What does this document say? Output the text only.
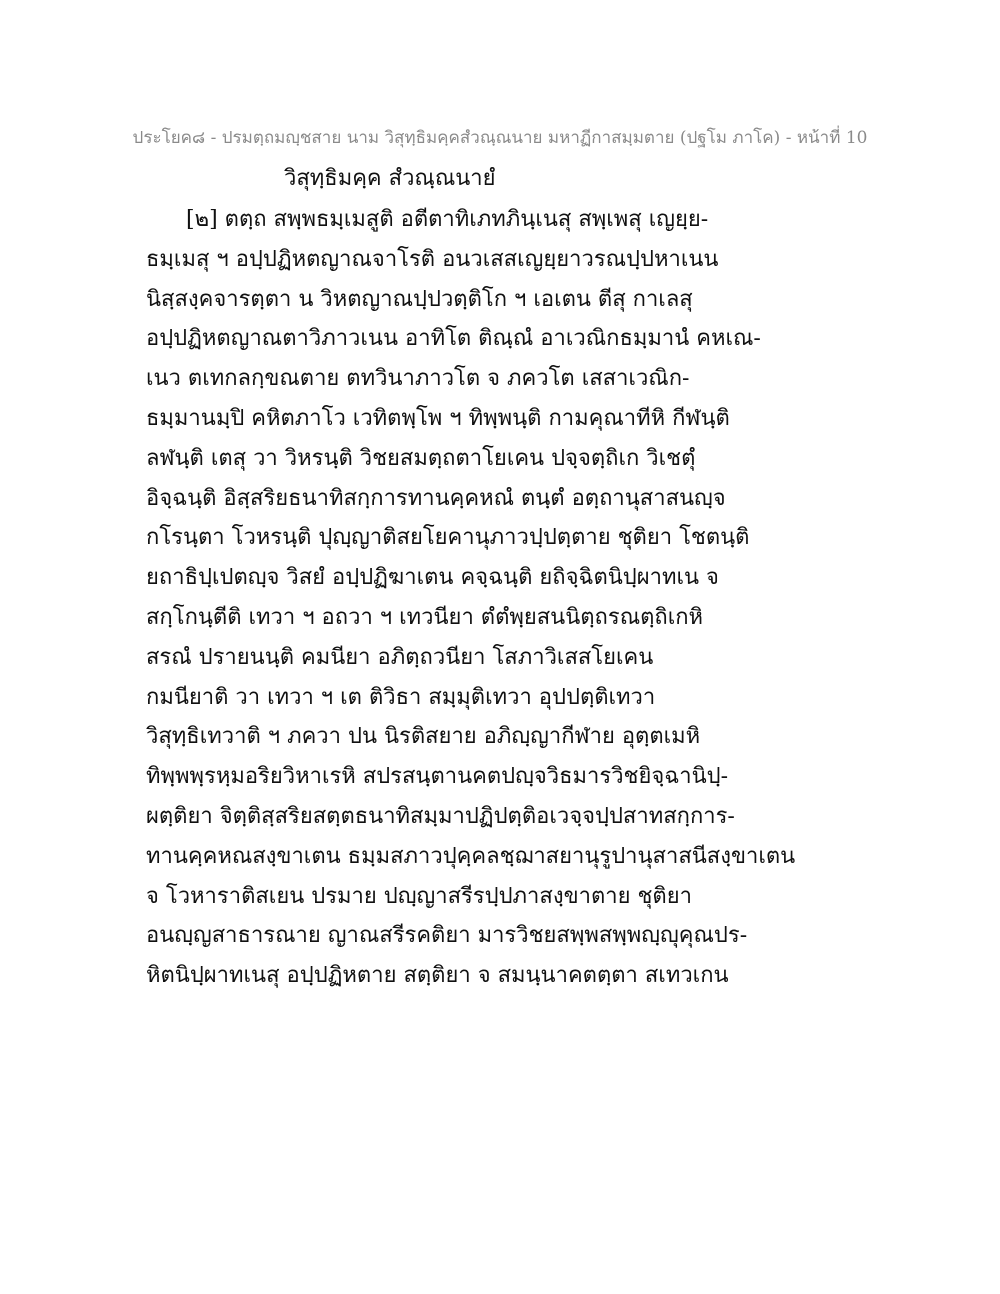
ประโยค๘ - ปรมตฺถมญฺชสาย นาม วิสุทฺธิมคฺคสํวณฺณนาย มหาฏีกาสมฺมตาย (ปฐโม ภาโค) - หน้าที่ 10
วิสุทฺธิมคฺค สํวณฺณนายํ
[๒] ตตฺถ สพฺพธมฺเมสูติ อตีตาทิเภทภินฺเนสุ สพฺเพสุ เญยฺย-
ธมฺเมสุ ฯ อปฺปฏิหตญาณจาโรติ อนวเสสเญยฺยาวรณปฺปหาเนน
นิสฺสงฺคจารตฺตา น วิหตญาณปฺปวตฺติโก ฯ เอเตน ตีสุ กาเลสุ
อปฺปฏิหตญาณตาวิภาวเนน อาทิโต ติณฺณํ อาเวณิกธมฺมานํ คหเณ-
เนว ตเทกลกฺขณตาย ตทวินาภาวโต จ ภควโต เสสาเวณิก-
ธมฺมานมฺปิ คหิตภาโว เวทิตพฺโพ ฯ ทิพฺพนฺติ กามคุณาทีหิ กีฬนฺติ
ลฬนฺติ เตสุ วา วิหรนฺติ วิชยสมตฺถตาโยเคน ปจฺจตฺถิเก วิเชตุํ
อิจฺฉนฺติ อิสฺสริยธนาทิสกฺการทานคฺคหณํ ตนฺตํ อตฺถานุสาสนญฺจ
กโรนฺตา โวหรนฺติ ปุญฺญาติสยโยคานุภาวปฺปตฺตาย ชุติยา โชตนฺติ
ยถาธิปฺเปตญฺจ วิสยํ อปฺปฏิฆาเตน คจฺฉนฺติ ยถิจฺฉิตนิปฺผาทเน จ
สกฺโกนฺตีติ เทวา ฯ อถวา ฯ เทวนียา ตํตํพฺยสนนิตฺถรณตฺถิเกหิ
สรณํ ปรายนนฺติ คมนียา อภิตฺถวนียา โสภาวิเสสโยเคน
กมนียาติ วา เทวา ฯ เต ติวิธา สมฺมุติเทวา อุปปตฺติเทวา
วิสุทฺธิเทวาติ ฯ ภควา ปน นิรติสยาย อภิญฺญากีฬาย อุตฺตเมหิ
ทิพฺพพฺรหฺมอริยวิหาเรหิ สปรสนฺตานคตปญฺจวิธมารวิชยิจฺฉานิปฺ-
ผตฺติยา จิตฺติสฺสริยสตฺตธนาทิสมฺมาปฏิปตฺติอเวจฺจปฺปสาทสกฺการ-
ทานคฺคหณสงฺขาเตน ธมฺมสภาวปุคฺคลชฺฌาสยานุรูปานุสาสนีสงฺขาเตน
จ โวหาราติสเยน ปรมาย ปญฺญาสรีรปฺปภาสงฺขาตาย ชุติยา
อนญฺญสาธารณาย ญาณสรีรคติยา มารวิชยสพฺพสพฺพญฺญุคุณปร-
หิตนิปฺผาทเนสุ อปฺปฏิหตาย สตฺติยา จ สมนฺนาคตตฺตา สเทวเกน
